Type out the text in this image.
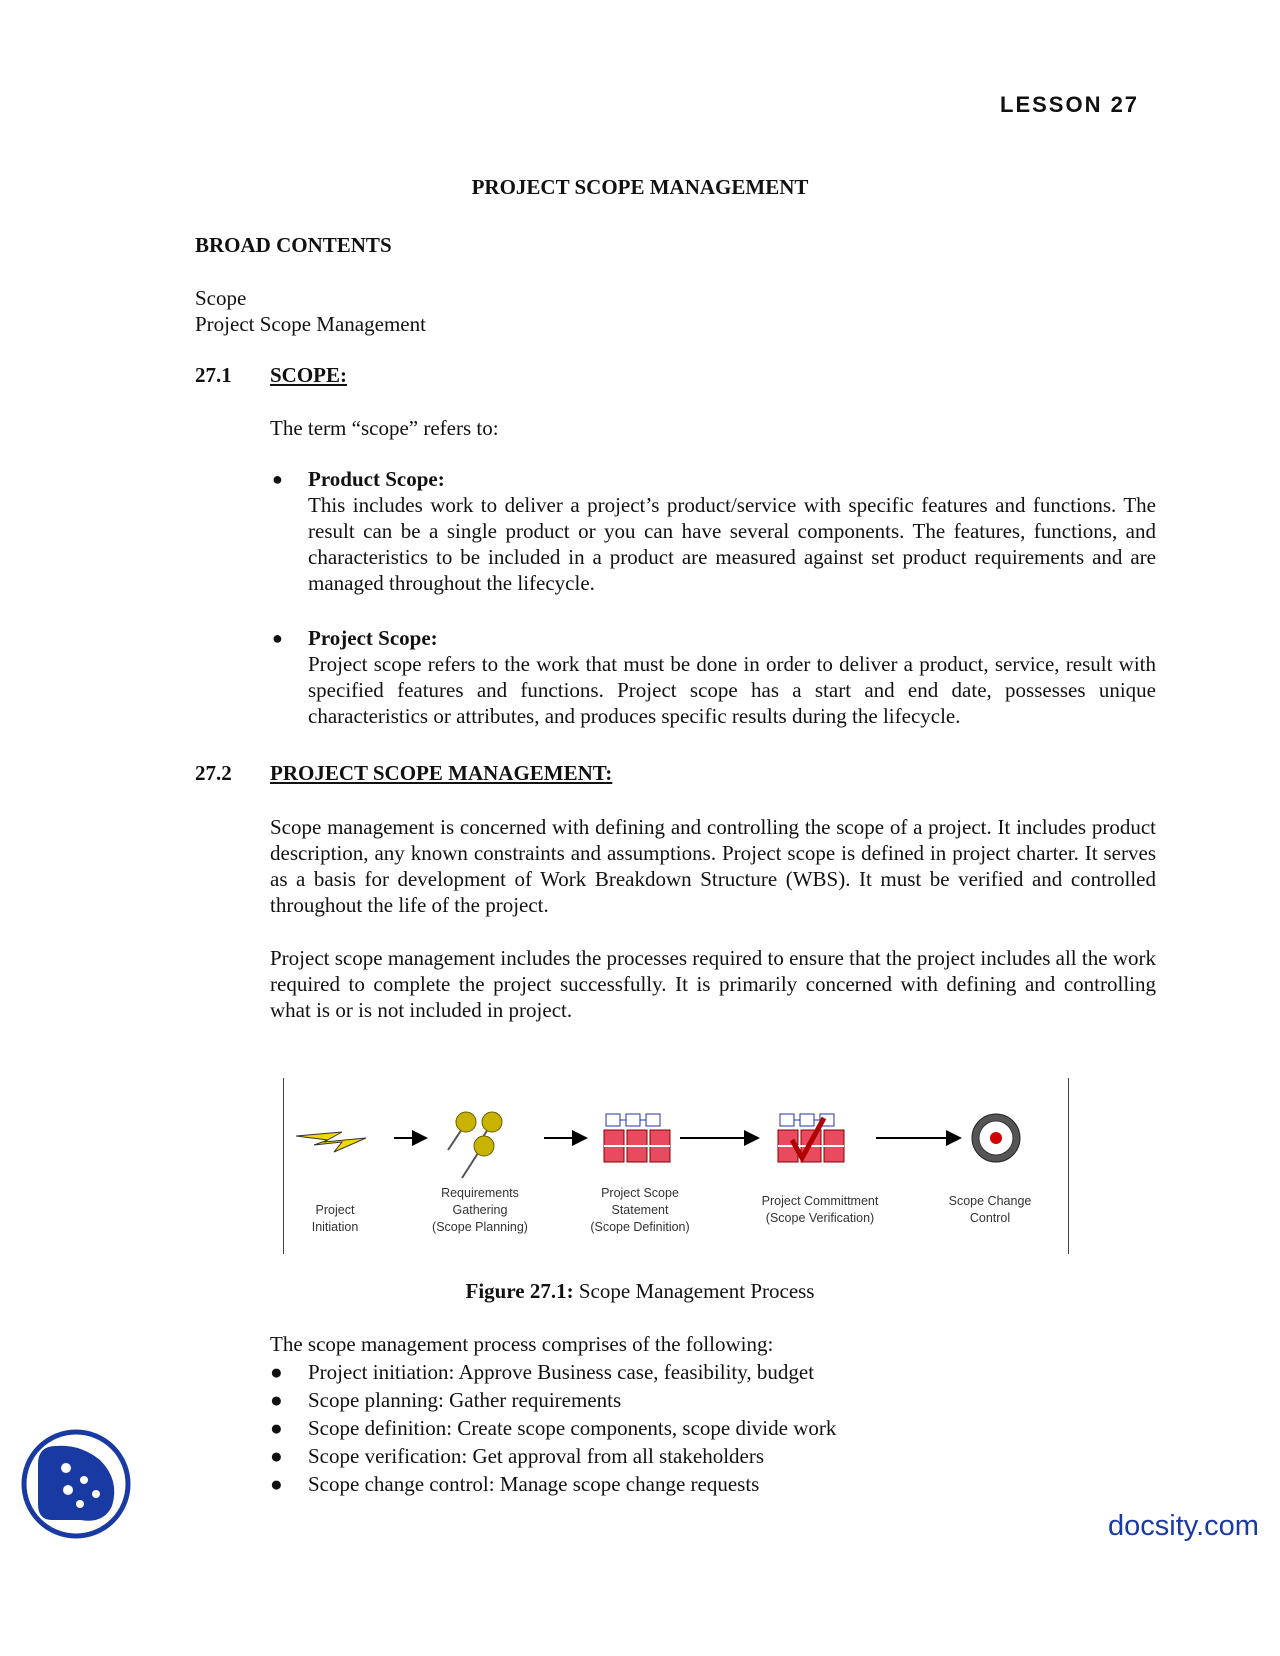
LESSON 27
PROJECT SCOPE MANAGEMENT
BROAD CONTENTS
Scope
Project Scope Management
27.1 SCOPE:
The term “scope” refers to:
● Product Scope:
This includes work to deliver a project’s product/service with specific features and functions. The result can be a single product or you can have several components. The features, functions, and characteristics to be included in a product are measured against set product requirements and are managed throughout the lifecycle.
● Project Scope:
Project scope refers to the work that must be done in order to deliver a product, service, result with specified features and functions. Project scope has a start and end date, possesses unique characteristics or attributes, and produces specific results during the lifecycle.
27.2 PROJECT SCOPE MANAGEMENT:
Scope management is concerned with defining and controlling the scope of a project. It includes product description, any known constraints and assumptions. Project scope is defined in project charter. It serves as a basis for development of Work Breakdown Structure (WBS). It must be verified and controlled throughout the life of the project.
Project scope management includes the processes required to ensure that the project includes all the work required to complete the project successfully. It is primarily concerned with defining and controlling what is or is not included in project.
Project
Initiation
Requirements
Gathering
(Scope Planning)
Project Scope
Statement
(Scope Definition)
Project Committment
(Scope Verification)
Scope Change
Control
Figure 27.1: Scope Management Process
The scope management process comprises of the following:
● Project initiation: Approve Business case, feasibility, budget
● Scope planning: Gather requirements
● Scope definition: Create scope components, scope divide work
● Scope verification: Get approval from all stakeholders
● Scope change control: Manage scope change requests
docsity.com
